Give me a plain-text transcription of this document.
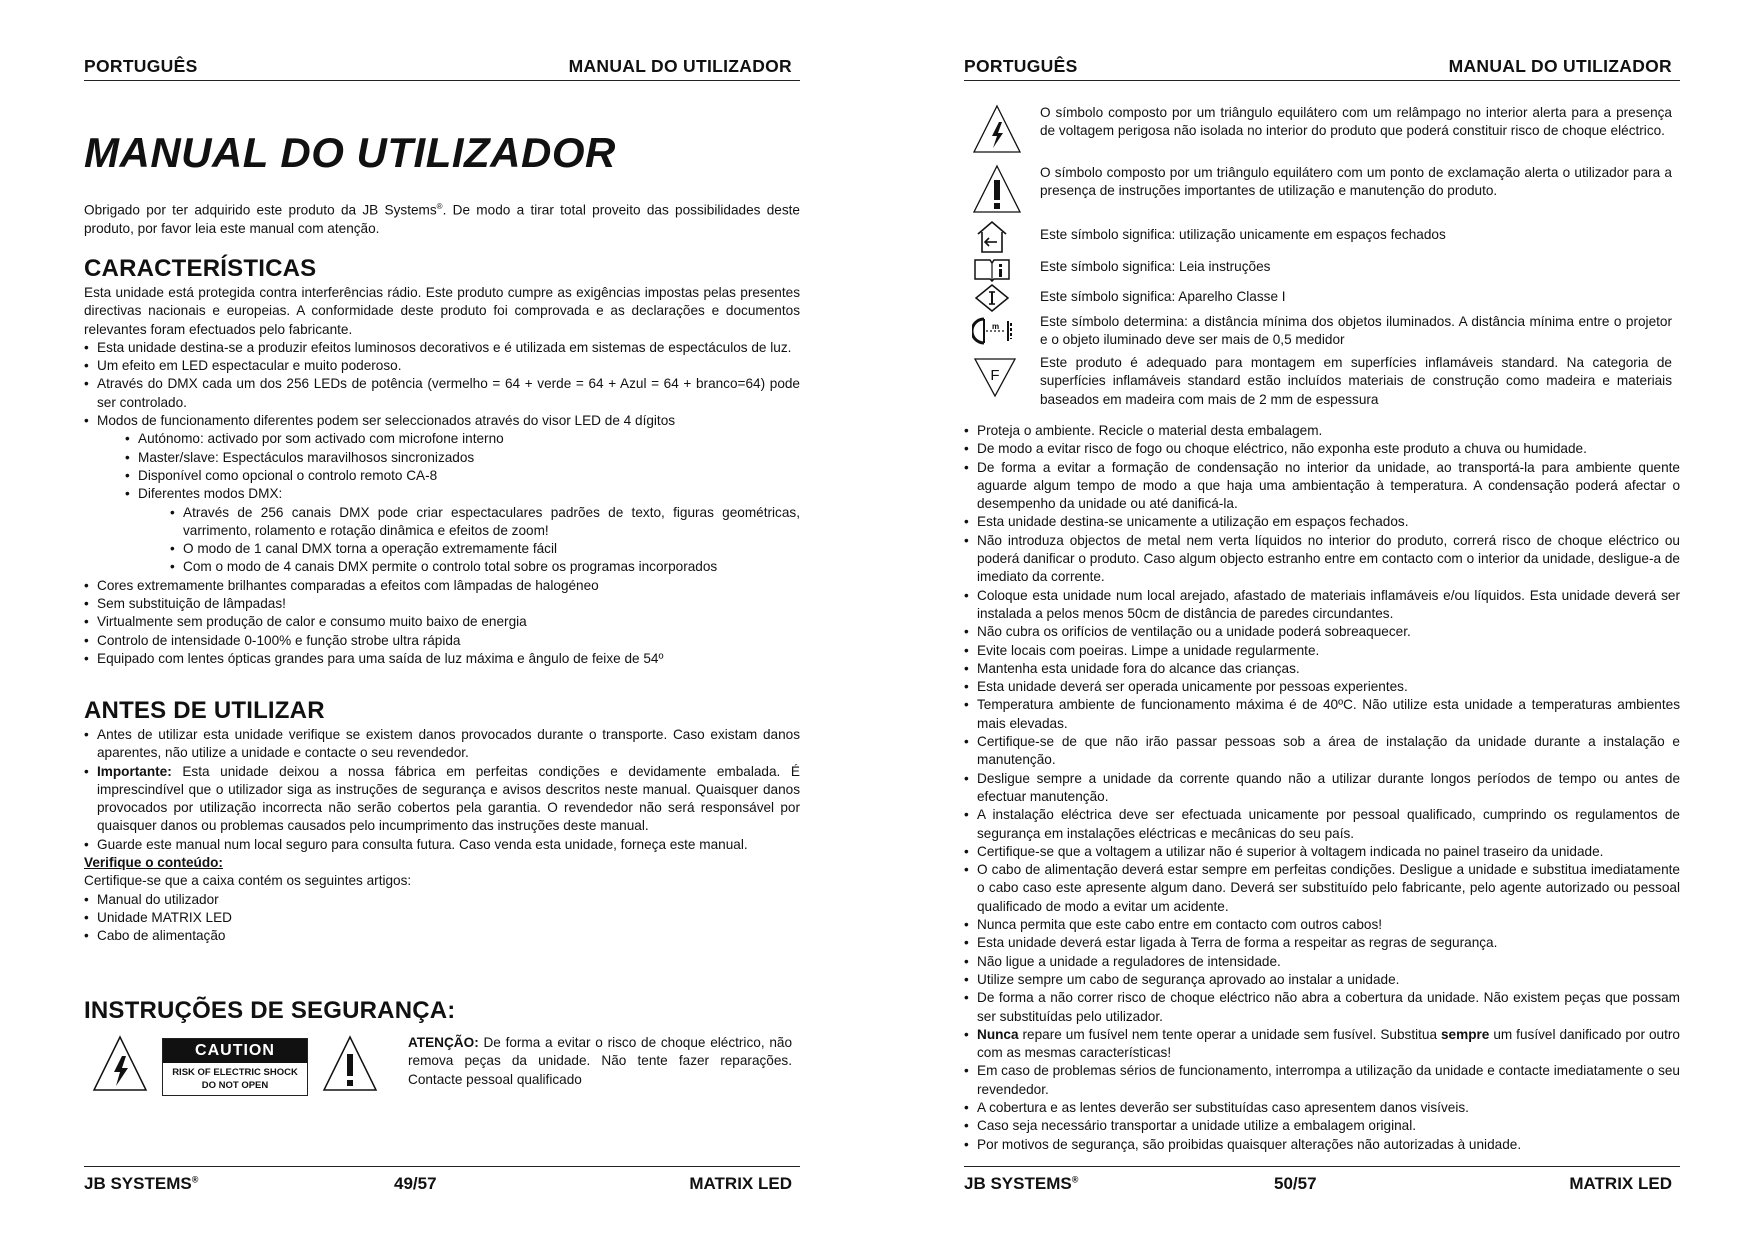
PORTUGUÊS	MANUAL DO UTILIZADOR
MANUAL DO UTILIZADOR

Obrigado por ter adquirido este produto da JB Systems®. De modo a tirar total proveito das possibilidades deste produto, por favor leia este manual com atenção.

CARACTERÍSTICAS

Esta unidade está protegida contra interferências rádio. Este produto cumpre as exigências impostas pelas presentes directivas nacionais e europeias. A conformidade deste produto foi comprovada e as declarações e documentos relevantes foram efectuados pelo fabricante.

• Esta unidade destina-se a produzir efeitos luminosos decorativos e é utilizada em sistemas de espectáculos de luz.
• Um efeito em LED espectacular e muito poderoso.
• Através do DMX cada um dos 256 LEDs de potência (vermelho = 64 + verde = 64 + Azul = 64 + branco=64) pode ser controlado.
• Modos de funcionamento diferentes podem ser seleccionados através do visor LED de 4 dígitos
• Autónomo: activado por som activado com microfone interno
• Master/slave: Espectáculos maravilhosos sincronizados
• Disponível como opcional o controlo remoto CA-8
• Diferentes modos DMX:
• Através de 256 canais DMX pode criar espectaculares padrões de texto, figuras geométricas, varrimento, rolamento e rotação dinâmica e efeitos de zoom!
• O modo de 1 canal DMX torna a operação extremamente fácil
• Com o modo de 4 canais DMX permite o controlo total sobre os programas incorporados
• Cores extremamente brilhantes comparadas a efeitos com lâmpadas de halogéneo
• Sem substituição de lâmpadas!
• Virtualmente sem produção de calor e consumo muito baixo de energia
• Controlo de intensidade 0-100% e função strobe ultra rápida
• Equipado com lentes ópticas grandes para uma saída de luz máxima e ângulo de feixe de 54º
ANTES DE UTILIZAR
• Antes de utilizar esta unidade verifique se existem danos provocados durante o transporte. Caso existam danos aparentes, não utilize a unidade e contacte o seu revendedor.
• Importante: Esta unidade deixou a nossa fábrica em perfeitas condições e devidamente embalada. É imprescindível que o utilizador siga as instruções de segurança e avisos descritos neste manual. Quaisquer danos provocados por utilização incorrecta não serão cobertos pela garantia. O revendedor não será responsável por quaisquer danos ou problemas causados pelo incumprimento das instruções deste manual.
• Guarde este manual num local seguro para consulta futura. Caso venda esta unidade, forneça este manual.

Verifique o conteúdo:

Certifique-se que a caixa contém os seguintes artigos:

• Manual do utilizador
• Unidade MATRIX LED
• Cabo de alimentação
INSTRUÇÕES DE SEGURANÇA:
CAUTION
RISK OF ELECTRIC SHOCK
DO NOT OPEN

ATENÇÃO: De forma a evitar o risco de choque eléctrico, não remova peças da unidade. Não tente fazer reparações. Contacte pessoal qualificado

JB SYSTEMS®	49/57	MATRIX LED
PORTUGUÊS	MANUAL DO UTILIZADOR

O símbolo composto por um triângulo equilátero com um relâmpago no interior alerta para a presença de voltagem perigosa não isolada no interior do produto que poderá constituir risco de choque eléctrico.

O símbolo composto por um triângulo equilátero com um ponto de exclamação alerta o utilizador para a presença de instruções importantes de utilização e manutenção do produto.

Este símbolo significa: utilização unicamente em espaços fechados

Este símbolo significa: Leia instruções

Este símbolo significa: Aparelho Classe I

m	Este símbolo determina: a distância mínima dos objetos iluminados. A distância mínima entre o projetor e o objeto iluminado deve ser mais de 0,5 medidor

F

Este produto é adequado para montagem em superfícies inflamáveis standard. Na categoria de superfícies inflamáveis standard estão incluídos materiais de construção como madeira e materiais baseados em madeira com mais de 2 mm de espessura

• Proteja o ambiente. Recicle o material desta embalagem.
• De modo a evitar risco de fogo ou choque eléctrico, não exponha este produto a chuva ou humidade.
• De forma a evitar a formação de condensação no interior da unidade, ao transportá-la para ambiente quente aguarde algum tempo de modo a que haja uma ambientação à temperatura. A condensação poderá afectar o desempenho da unidade ou até danificá-la.
• Esta unidade destina-se unicamente a utilização em espaços fechados.
• Não introduza objectos de metal nem verta líquidos no interior do produto, correrá risco de choque eléctrico ou poderá danificar o produto. Caso algum objecto estranho entre em contacto com o interior da unidade, desligue-a de imediato da corrente.
• Coloque esta unidade num local arejado, afastado de materiais inflamáveis e/ou líquidos. Esta unidade deverá ser instalada a pelos menos 50cm de distância de paredes circundantes.
• Não cubra os orifícios de ventilação ou a unidade poderá sobreaquecer.
• Evite locais com poeiras. Limpe a unidade regularmente.
• Mantenha esta unidade fora do alcance das crianças.
• Esta unidade deverá ser operada unicamente por pessoas experientes.
• Temperatura ambiente de funcionamento máxima é de 40ºC. Não utilize esta unidade a temperaturas ambientes mais elevadas.
• Certifique-se de que não irão passar pessoas sob a área de instalação da unidade durante a instalação e manutenção.
• Desligue sempre a unidade da corrente quando não a utilizar durante longos períodos de tempo ou antes de efectuar manutenção.
• A instalação eléctrica deve ser efectuada unicamente por pessoal qualificado, cumprindo os regulamentos de segurança em instalações eléctricas e mecânicas do seu país.
• Certifique-se que a voltagem a utilizar não é superior à voltagem indicada no painel traseiro da unidade.
• O cabo de alimentação deverá estar sempre em perfeitas condições. Desligue a unidade e substitua imediatamente o cabo caso este apresente algum dano. Deverá ser substituído pelo fabricante, pelo agente autorizado ou pessoal qualificado de modo a evitar um acidente.
• Nunca permita que este cabo entre em contacto com outros cabos!
• Esta unidade deverá estar ligada à Terra de forma a respeitar as regras de segurança.
• Não ligue a unidade a reguladores de intensidade.
• Utilize sempre um cabo de segurança aprovado ao instalar a unidade.
• De forma a não correr risco de choque eléctrico não abra a cobertura da unidade. Não existem peças que possam ser substituídas pelo utilizador.
• Nunca repare um fusível nem tente operar a unidade sem fusível. Substitua sempre um fusível danificado por outro com as mesmas características!
• Em caso de problemas sérios de funcionamento, interrompa a utilização da unidade e contacte imediatamente o seu revendedor.
• A cobertura e as lentes deverão ser substituídas caso apresentem danos visíveis.
• Caso seja necessário transportar a unidade utilize a embalagem original.
• Por motivos de segurança, são proibidas quaisquer alterações não autorizadas à unidade.
JB SYSTEMS®	50/57	MATRIX LED
